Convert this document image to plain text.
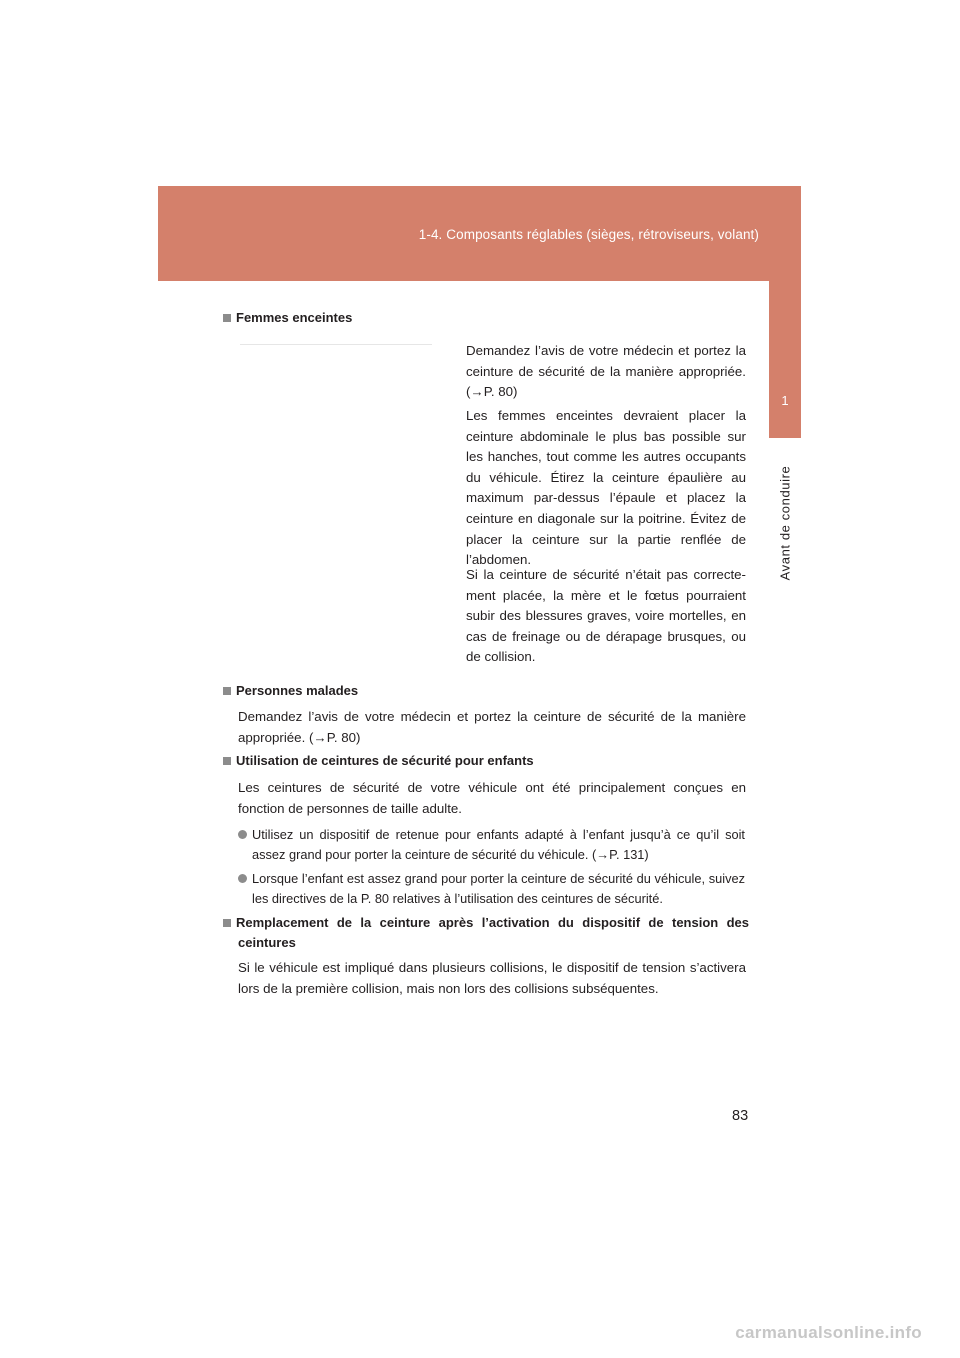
1-4. Composants réglables (sièges, rétroviseurs, volant)
1
Avant de conduire
Femmes enceintes

Demandez l’avis de votre médecin et portez la ceinture de sécurité de la manière appropriée. (→P. 80)

Les femmes enceintes devraient placer la ceinture abdominale le plus bas possible sur les hanches, tout comme les autres occupants du véhicule. Étirez la ceinture épaulière au maximum par-dessus l’épaule et placez la ceinture en diagonale sur la poitrine. Évitez de placer la ceinture sur la partie renflée de l’abdomen.

Si la ceinture de sécurité n’était pas correcte-ment placée, la mère et le fœtus pourraient subir des blessures graves, voire mortelles, en cas de freinage ou de dérapage brusques, ou de collision.

Personnes malades

Demandez l’avis de votre médecin et portez la ceinture de sécurité de la manière appropriée. (→P. 80)

Utilisation de ceintures de sécurité pour enfants

Les ceintures de sécurité de votre véhicule ont été principalement conçues en fonction de personnes de taille adulte.

Utilisez un dispositif de retenue pour enfants adapté à l’enfant jusqu’à ce qu’il soit assez grand pour porter la ceinture de sécurité du véhicule. (→P. 131)
Lorsque l’enfant est assez grand pour porter la ceinture de sécurité du véhicule, suivez les directives de la P. 80 relatives à l’utilisation des ceintures de sécurité.
Remplacement de la ceinture après l’activation du dispositif de tension des ceintures

Si le véhicule est impliqué dans plusieurs collisions, le dispositif de tension s’activera lors de la première collision, mais non lors des collisions subséquentes.

83
carmanualsonline.info
